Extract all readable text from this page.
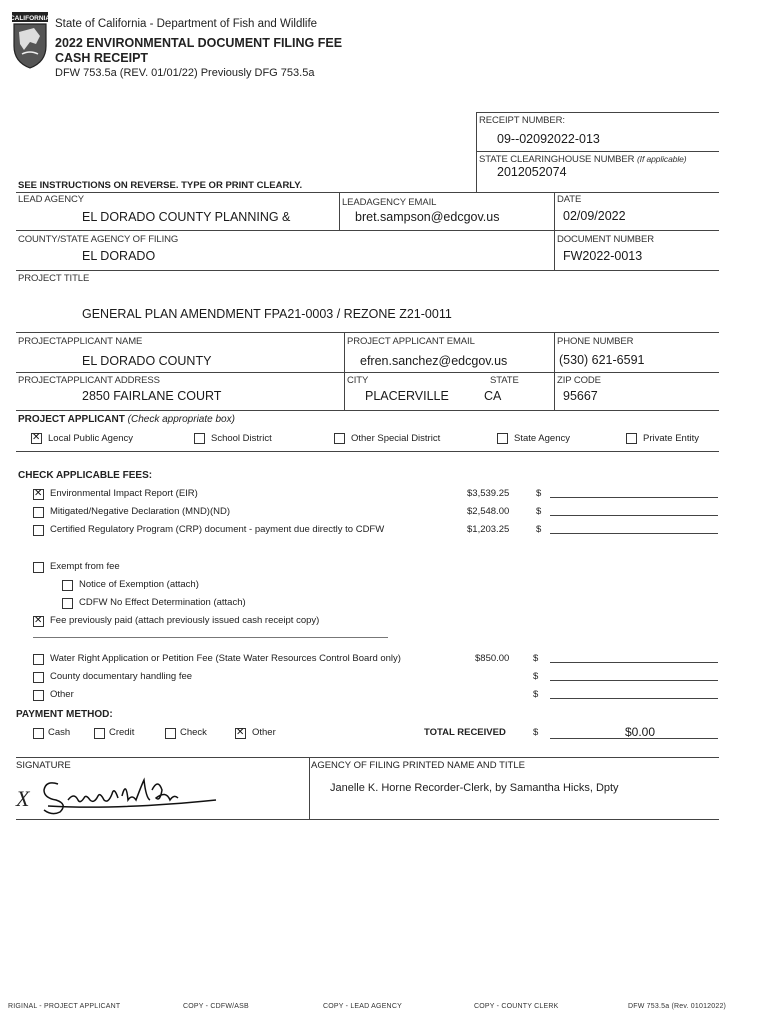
CALIFORNIA State of California - Department of Fish and Wildlife
2022 ENVIRONMENTAL DOCUMENT FILING FEE
CASH RECEIPT
DFW 753.5a (REV. 01/01/22) Previously DFG 753.5a
RECEIPT NUMBER:
09--02092022-013
STATE CLEARINGHOUSE NUMBER (If applicable)
2012052074
SEE INSTRUCTIONS ON REVERSE. TYPE OR PRINT CLEARLY.
LEAD AGENCY
EL DORADO COUNTY PLANNING &
LEADAGENCY EMAIL
bret.sampson@edcgov.us
DATE
02/09/2022
COUNTY/STATE AGENCY OF FILING
EL DORADO
DOCUMENT NUMBER
FW2022-0013
PROJECT TITLE
GENERAL PLAN AMENDMENT FPA21-0003 / REZONE Z21-0011
PROJECTAPPLICANT NAME
EL DORADO COUNTY
PROJECT APPLICANT EMAIL
efren.sanchez@edcgov.us
PHONE NUMBER
(530) 621-6591
PROJECTAPPLICANT ADDRESS
2850 FAIRLANE COURT
CITY
PLACERVILLE
STATE
CA
ZIP CODE
95667
PROJECT APPLICANT (Check appropriate box)
✕
Local Public Agency	School District	Other Special District	State Agency	Private Entity
CHECK APPLICABLE FEES:
✕
Environmental Impact Report (EIR)	$3,539.25	$
Mitigated/Negative Declaration (MND)(ND)	$2,548.00	$
Certified Regulatory Program (CRP) document - payment due directly to CDFW	$1,203.25	$
Exempt from fee
Notice of Exemption (attach)
CDFW No Effect Determination (attach)
✕
Fee previously paid (attach previously issued cash receipt copy)
Water Right Application or Petition Fee (State Water Resources Control Board only)	$850.00 $
County documentary handling fee	$
Other	$
PAYMENT METHOD:
Cash	Credit	Check
✕	Other	TOTAL RECEIVED	$	$0.00
SIGNATURE	AGENCY OF FILING PRINTED NAME AND TITLE
X	Janelle K. Horne Recorder-Clerk, by Samantha Hicks, Dpty
RIGINAL - PROJECT APPLICANT	COPY - CDFW/ASB	COPY - LEAD AGENCY	COPY - COUNTY CLERK	DFW 753.5a (Rev. 01012022)
